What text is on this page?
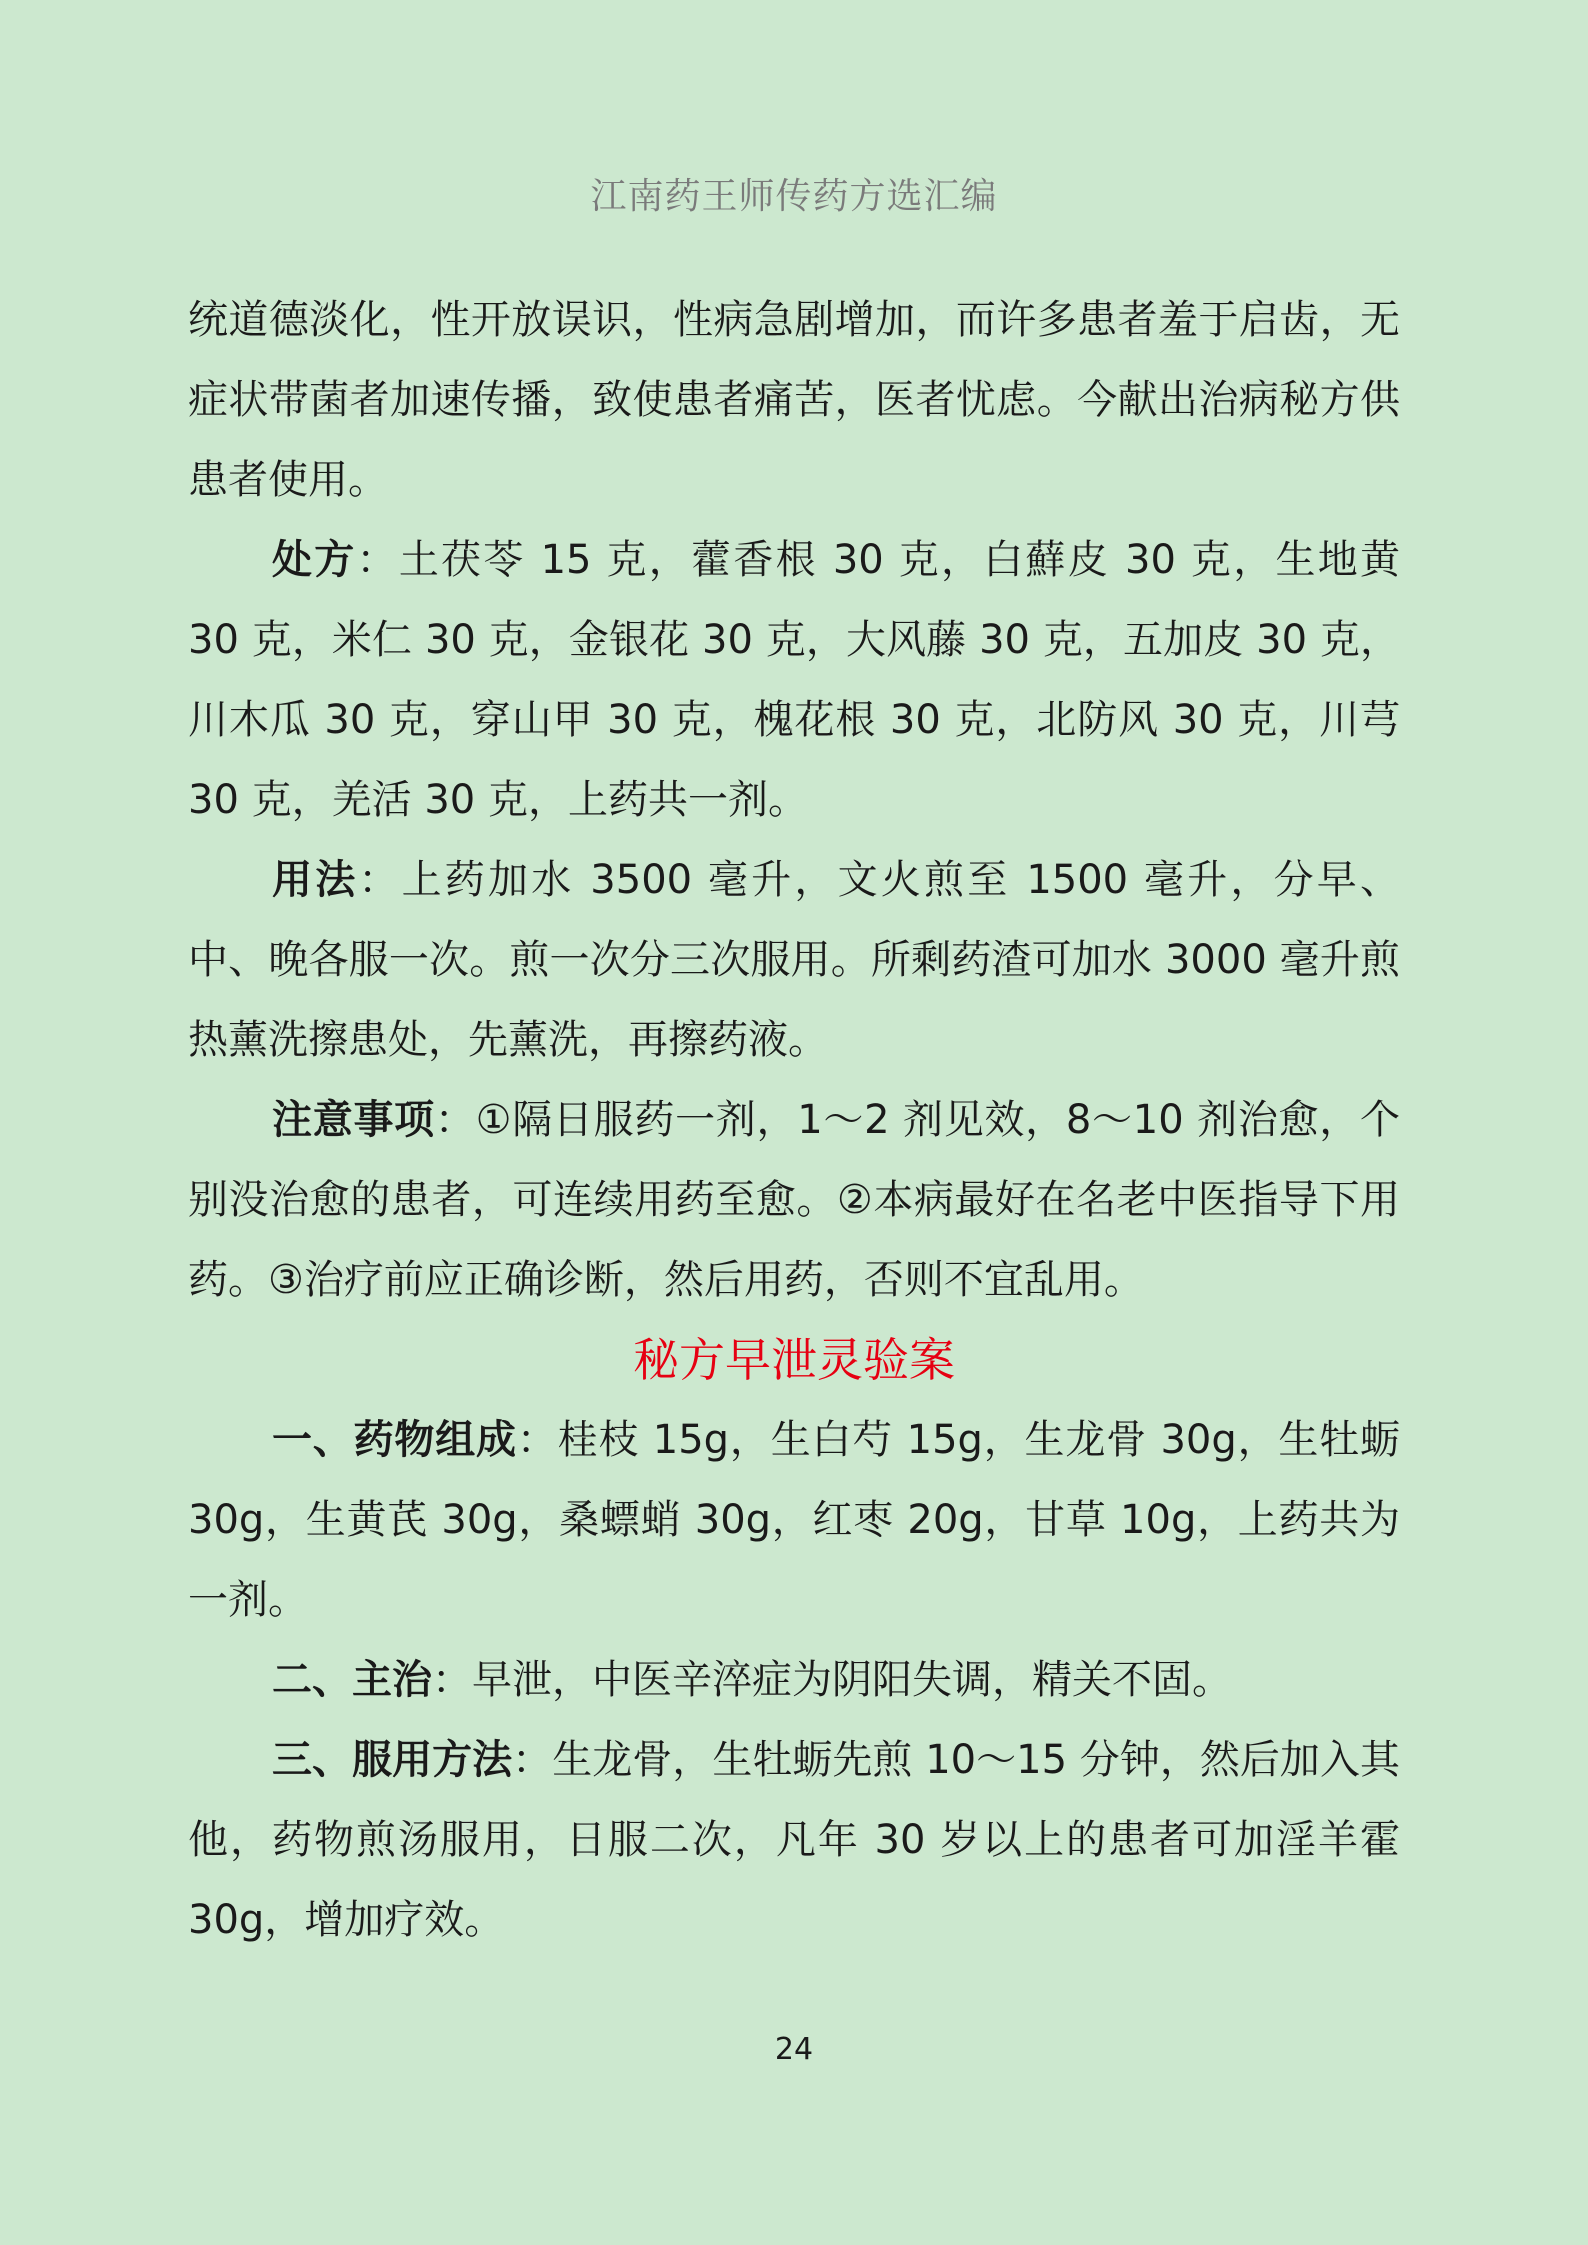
江南药王师传药方选汇编

统道德淡化，性开放误识，性病急剧增加，而许多患者羞于启齿，无症状带菌者加速传播，致使患者痛苦，医者忧虑。今献出治病秘方供患者使用。

处方：土茯苓 15 克，藿香根 30 克，白蘚皮 30 克，生地黄 30 克，米仁 30 克，金银花 30 克，大风藤 30 克，五加皮 30 克，川木瓜 30 克，穿山甲 30 克，槐花根 30 克，北防风 30 克，川芎 30 克，羌活 30 克，上药共一剂。

用法：上药加水 3500 毫升，文火煎至 1500 毫升，分早、中、晚各服一次。煎一次分三次服用。所剩药渣可加水 3000 毫升煎热薰洗擦患处，先薰洗，再擦药液。

注意事项：①隔日服药一剂，1～2 剂见效，8～10 剂治愈，个别没治愈的患者，可连续用药至愈。②本病最好在名老中医指导下用药。③治疗前应正确诊断，然后用药，否则不宜乱用。

秘方早泄灵验案

一、药物组成：桂枝 15g，生白芍 15g，生龙骨 30g，生牡蛎 30g，生黄芪 30g，桑螵蛸 30g，红枣 20g，甘草 10g，上药共为一剂。

二、主治：早泄，中医辛淬症为阴阳失调，精关不固。

三、服用方法：生龙骨，生牡蛎先煎 10～15 分钟，然后加入其他，药物煎汤服用，日服二次，凡年 30 岁以上的患者可加淫羊霍 30g，增加疗效。

24
